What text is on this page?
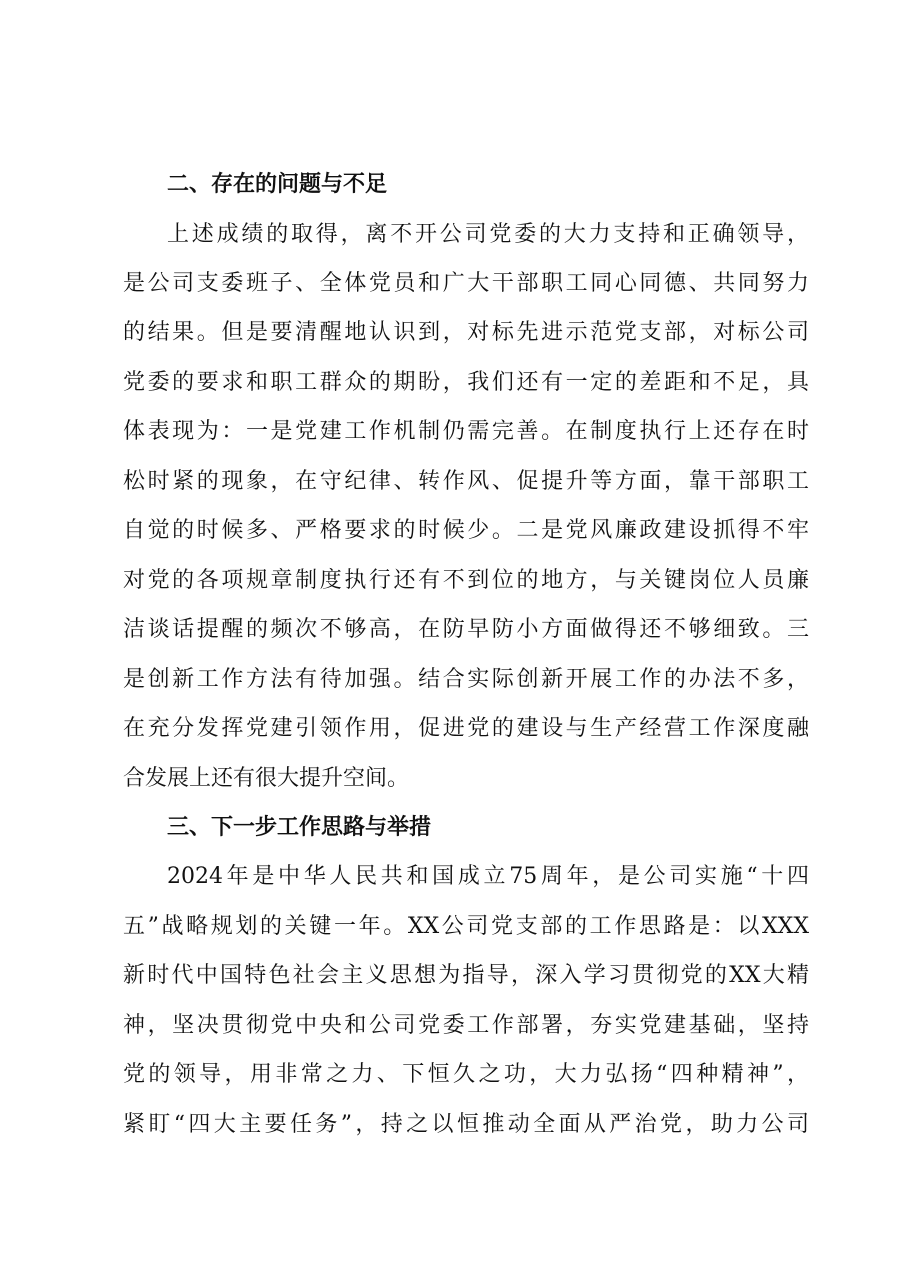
二、存在的问题与不足
上述成绩的取得，离不开公司党委的大力支持和正确领导，
是公司支委班子、全体党员和广大干部职工同心同德、共同努力
的结果。但是要清醒地认识到，对标先进示范党支部，对标公司
党委的要求和职工群众的期盼，我们还有一定的差距和不足，具
体表现为：一是党建工作机制仍需完善。在制度执行上还存在时
松时紧的现象，在守纪律、转作风、促提升等方面，靠干部职工
自觉的时候多、严格要求的时候少。二是党风廉政建设抓得不牢
对党的各项规章制度执行还有不到位的地方，与关键岗位人员廉
洁谈话提醒的频次不够高，在防早防小方面做得还不够细致。三
是创新工作方法有待加强。结合实际创新开展工作的办法不多，
在充分发挥党建引领作用，促进党的建设与生产经营工作深度融
合发展上还有很大提升空间。
三、下一步工作思路与举措
2024年是中华人民共和国成立75周年，是公司实施“十四
五”战略规划的关键一年。XX公司党支部的工作思路是：以XXX
新时代中国特色社会主义思想为指导，深入学习贯彻党的XX大精
神，坚决贯彻党中央和公司党委工作部署，夯实党建基础，坚持
党的领导，用非常之力、下恒久之功，大力弘扬“四种精神”，
紧盯“四大主要任务”，持之以恒推动全面从严治党，助力公司
